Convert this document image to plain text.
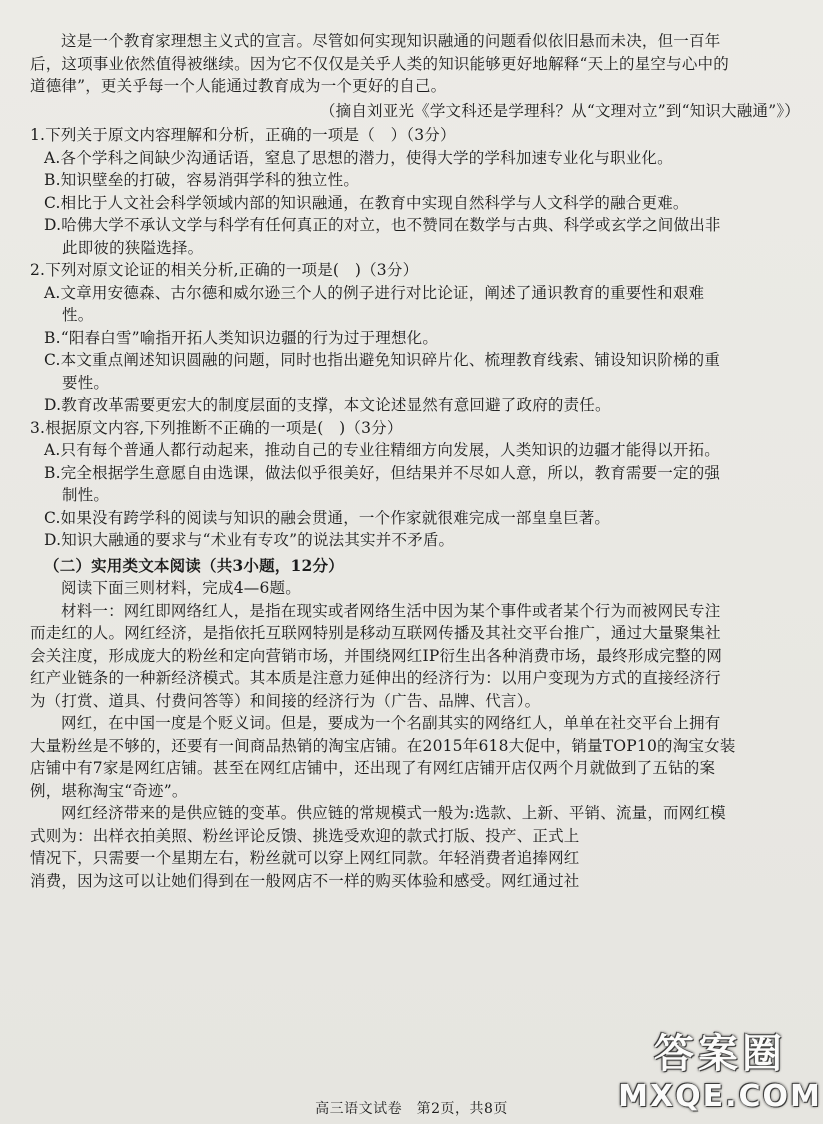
这是一个教育家理想主义式的宣言。尽管如何实现知识融通的问题看似依旧悬而未决，但一百年

后，这项事业依然值得被继续。因为它不仅仅是关乎人类的知识能够更好地解释“天上的星空与心中的

道德律”，更关乎每一个人能通过教育成为一个更好的自己。

（摘自刘亚光《学文科还是学理科？从“文理对立”到“知识大融通”》）

1.下列关于原文内容理解和分析，正确的一项是（　）（3分）

A.各个学科之间缺少沟通话语，窒息了思想的潜力，使得大学的学科加速专业化与职业化。

B.知识壁垒的打破，容易消弭学科的独立性。

C.相比于人文社会科学领域内部的知识融通，在教育中实现自然科学与人文科学的融合更难。

D.哈佛大学不承认文学与科学有任何真正的对立，也不赞同在数学与古典、科学或玄学之间做出非

此即彼的狭隘选择。

2.下列对原文论证的相关分析,正确的一项是(　)（3分）

A.文章用安德森、古尔德和威尔逊三个人的例子进行对比论证，阐述了通识教育的重要性和艰难

性。

B.“阳春白雪”喻指开拓人类知识边疆的行为过于理想化。

C.本文重点阐述知识圆融的问题，同时也指出避免知识碎片化、梳理教育线索、铺设知识阶梯的重

要性。

D.教育改革需要更宏大的制度层面的支撑，本文论述显然有意回避了政府的责任。

3.根据原文内容,下列推断不正确的一项是(　)（3分）

A.只有每个普通人都行动起来，推动自己的专业往精细方向发展，人类知识的边疆才能得以开拓。

B.完全根据学生意愿自由选课，做法似乎很美好，但结果并不尽如人意，所以，教育需要一定的强

制性。

C.如果没有跨学科的阅读与知识的融会贯通，一个作家就很难完成一部皇皇巨著。

D.知识大融通的要求与“术业有专攻”的说法其实并不矛盾。

（二）实用类文本阅读（共3小题，12分）

阅读下面三则材料，完成4—6题。

材料一：网红即网络红人，是指在现实或者网络生活中因为某个事件或者某个行为而被网民专注

而走红的人。网红经济，是指依托互联网特别是移动互联网传播及其社交平台推广，通过大量聚集社

会关注度，形成庞大的粉丝和定向营销市场，并围绕网红IP衍生出各种消费市场，最终形成完整的网

红产业链条的一种新经济模式。其本质是注意力延伸出的经济行为：以用户变现为方式的直接经济行

为（打赏、道具、付费问答等）和间接的经济行为（广告、品牌、代言）。

网红，在中国一度是个贬义词。但是，要成为一个名副其实的网络红人，单单在社交平台上拥有

大量粉丝是不够的，还要有一间商品热销的淘宝店铺。在2015年618大促中，销量TOP10的淘宝女装

店铺中有7家是网红店铺。甚至在网红店铺中，还出现了有网红店铺开店仅两个月就做到了五钻的案

例，堪称淘宝“奇迹”。

网红经济带来的是供应链的变革。供应链的常规模式一般为:选款、上新、平销、流量，而网红模

式则为：出样衣拍美照、粉丝评论反馈、挑选受欢迎的款式打版、投产、正式上

情况下，只需要一个星期左右，粉丝就可以穿上网红同款。年轻消费者追捧网红

消费，因为这可以让她们得到在一般网店不一样的购买体验和感受。网红通过社

高三语文试卷　第2页，共8页
答案圈
MXQE.COM
